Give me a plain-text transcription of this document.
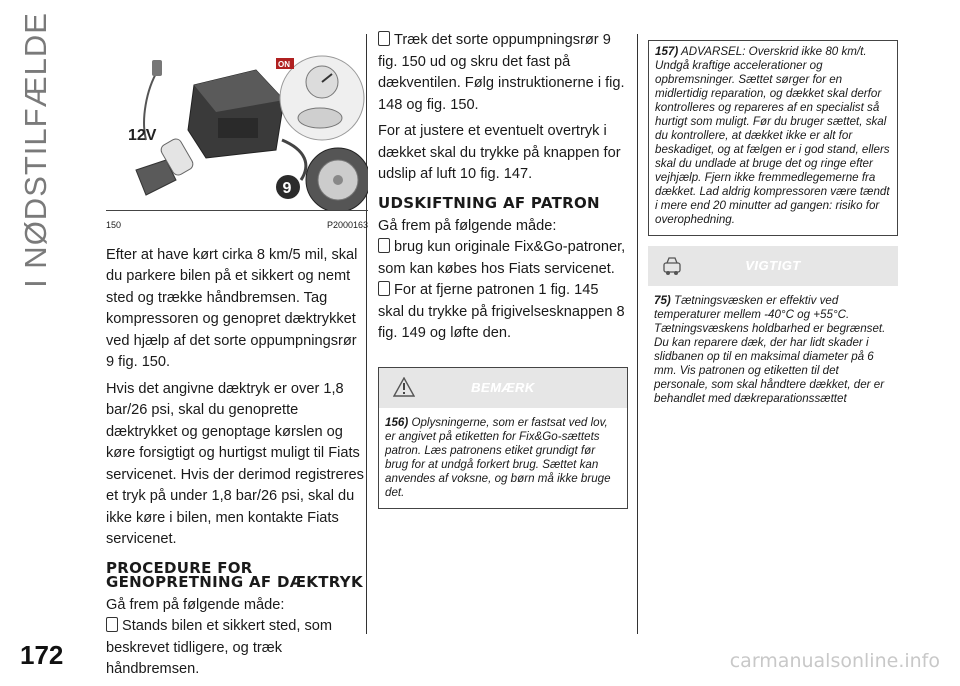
I NØDSTILFÆLDE	ON
12V
9
150	P2000163

Efter at have kørt cirka 8 km/5 mil, skal du parkere bilen på et sikkert og nemt sted og trække håndbremsen. Tag kompressoren og genopret dæktrykket ved hjælp af det sorte oppumpningsrør 9 fig. 150.

Hvis det angivne dæktryk er over 1,8 bar/26 psi, skal du genoprette dæktrykket og genoptage kørslen og køre forsigtigt og hurtigst muligt til Fiats servicenet. Hvis der derimod registreres et tryk på under 1,8 bar/26 psi, skal du ikke køre i bilen, men kontakte Fiats servicenet.

PROCEDURE FOR GENOPRETNING AF DÆKTRYK

Gå frem på følgende måde:

Stands bilen et sikkert sted, som beskrevet tidligere, og træk håndbremsen.

Træk det sorte oppumpningsrør 9 fig. 150 ud og skru det fast på dækventilen. Følg instruktionerne i fig. 148 og fig. 150.

For at justere et eventuelt overtryk i dækket skal du trykke på knappen for udslip af luft 10 fig. 147.

UDSKIFTNING AF PATRON

Gå frem på følgende måde:

brug kun originale Fix&Go-patroner, som kan købes hos Fiats servicenet.

For at fjerne patronen 1 fig. 145 skal du trykke på frigivelsesknappen 8 fig. 149 og løfte den.

BEMÆRK
156) Oplysningerne, som er fastsat ved lov, er angivet på etiketten for Fix&Go-sættets patron. Læs patronens etiket grundigt før brug for at undgå forkert brug. Sættet kan anvendes af voksne, og børn må ikke bruge det.
157) ADVARSEL: Overskrid ikke 80 km/t. Undgå kraftige accelerationer og opbremsninger. Sættet sørger for en midlertidig reparation, og dækket skal derfor kontrolleres og repareres af en specialist så hurtigt som muligt. Før du bruger sættet, skal du kontrollere, at dækket ikke er alt for beskadiget, og at fælgen er i god stand, ellers skal du undlade at bruge det og ringe efter vejhjælp. Fjern ikke fremmedlegemerne fra dækket. Lad aldrig kompressoren være tændt i mere end 20 minutter ad gangen: risiko for overophedning.
VIGTIGT
75) Tætningsvæsken er effektiv ved temperaturer mellem -40°C og +55°C. Tætningsvæskens holdbarhed er begrænset. Du kan reparere dæk, der har lidt skader i slidbanen op til en maksimal diameter på 6 mm. Vis patronen og etiketten til det personale, som skal håndtere dækket, der er behandlet med dækreparationssættet
172	carmanualsonline.info
